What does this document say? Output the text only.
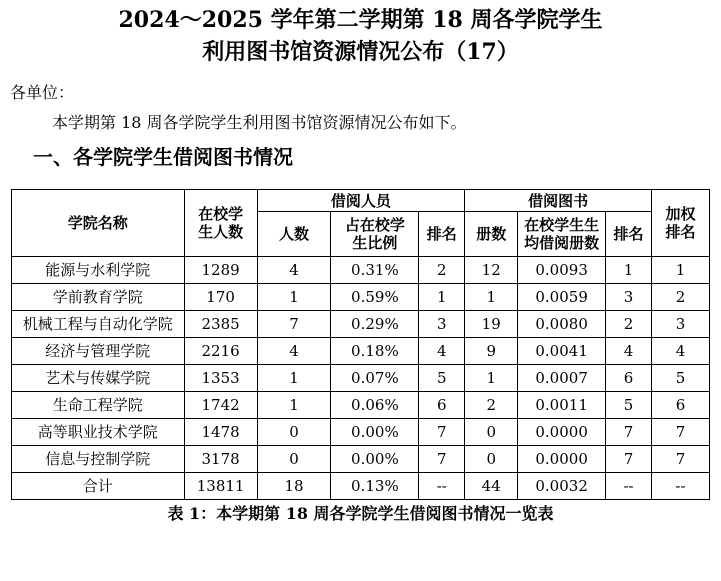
2024～2025 学年第二学期第 18 周各学院学生
利用图书馆资源情况公布（17）
各单位：
本学期第 18 周各学院学生利用图书馆资源情况公布如下。
一、各学院学生借阅图书情况
学院名称	在校学生人数	借阅人员			借阅图书			加权排名
		人数	占在校学生比例	排名	册数	在校学生生均借阅册数	排名	
能源与水利学院	1289	4	0.31%	2	12	0.0093	1	1
学前教育学院	170	1	0.59%	1	1	0.0059	3	2
机械工程与自动化学院	2385	7	0.29%	3	19	0.0080	2	3
经济与管理学院	2216	4	0.18%	4	9	0.0041	4	4
艺术与传媒学院	1353	1	0.07%	5	1	0.0007	6	5
生命工程学院	1742	1	0.06%	6	2	0.0011	5	6
高等职业技术学院	1478	0	0.00%	7	0	0.0000	7	7
信息与控制学院	3178	0	0.00%	7	0	0.0000	7	7
合计	13811	18	0.13%	--	44	0.0032	--	--
表 1：本学期第 18 周各学院学生借阅图书情况一览表
